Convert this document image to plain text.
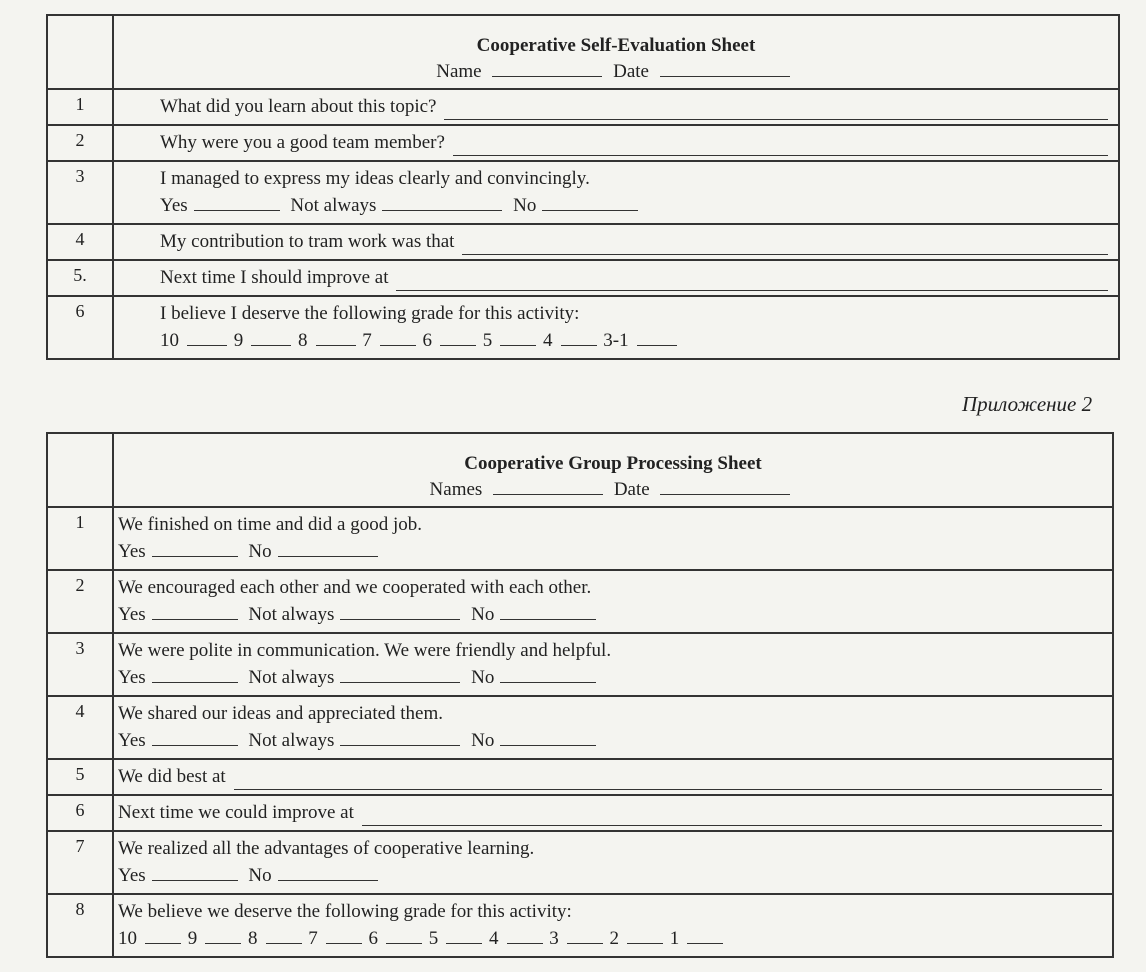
	Cooperative Self-Evaluation Sheet
Name Date

1	What did you learn about this topic?

2	Why were you a good team member?

3	I managed to express my ideas clearly and convincingly.
Yes Not always No

4	My contribution to tram work was that

5.	Next time I should improve at

6	I believe I deserve the following grade for this activity:
10 9 8 7 6 5 4 3-1
Приложение 2

	Cooperative Group Processing Sheet
Names Date

1	We finished on time and did a good job.
Yes No

2	We encouraged each other and we cooperated with each other.
Yes Not always No

3	We were polite in communication. We were friendly and helpful.
Yes Not always No

4	We shared our ideas and appreciated them.
Yes Not always No

5	We did best at

6	Next time we could improve at

7	We realized all the advantages of cooperative learning.
Yes No

8	We believe we deserve the following grade for this activity:
10 9 8 7 6 5 4 3 2 1
